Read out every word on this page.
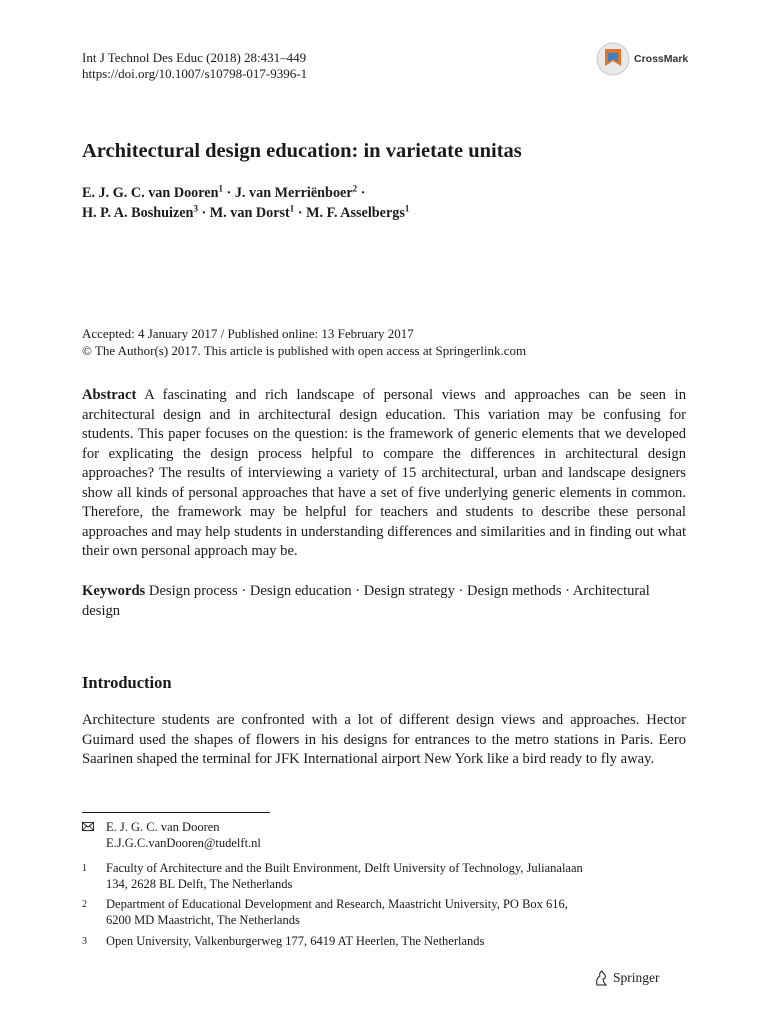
Int J Technol Des Educ (2018) 28:431–449
https://doi.org/10.1007/s10798-017-9396-1
CrossMark
Architectural design education: in varietate unitas
E. J. G. C. van Dooren$^1$ · J. van Merriënboer$^2$ ·
H. P. A. Boshuizen$^3$ · M. van Dorst$^1$ · M. F. Asselbergs$^1$
Accepted: 4 January 2017 / Published online: 13 February 2017
© The Author(s) 2017. This article is published with open access at Springerlink.com
Abstract A fascinating and rich landscape of personal views and approaches can be seen in architectural design and in architectural design education. This variation may be confusing for students. This paper focuses on the question: is the framework of generic elements that we developed for explicating the design process helpful to compare the differences in architectural design approaches? The results of interviewing a variety of 15 architectural, urban and landscape designers show all kinds of personal approaches that have a set of five underlying generic elements in common. Therefore, the framework may be helpful for teachers and students to describe these personal approaches and may help students in understanding differences and similarities and in finding out what their own personal approach may be.
Keywords Design process · Design education · Design strategy · Design methods · Architectural design
Introduction
Architecture students are confronted with a lot of different design views and approaches. Hector Guimard used the shapes of flowers in his designs for entrances to the metro stations in Paris. Eero Saarinen shaped the terminal for JFK International airport New York like a bird ready to fly away.
E. J. G. C. van Dooren
E.J.G.C.vanDooren@tudelft.nl
1	Faculty of Architecture and the Built Environment, Delft University of Technology, Julianalaan
134, 2628 BL Delft, The Netherlands
2	Department of Educational Development and Research, Maastricht University, PO Box 616,
6200 MD Maastricht, The Netherlands
3	Open University, Valkenburgerweg 177, 6419 AT Heerlen, The Netherlands
Springer
